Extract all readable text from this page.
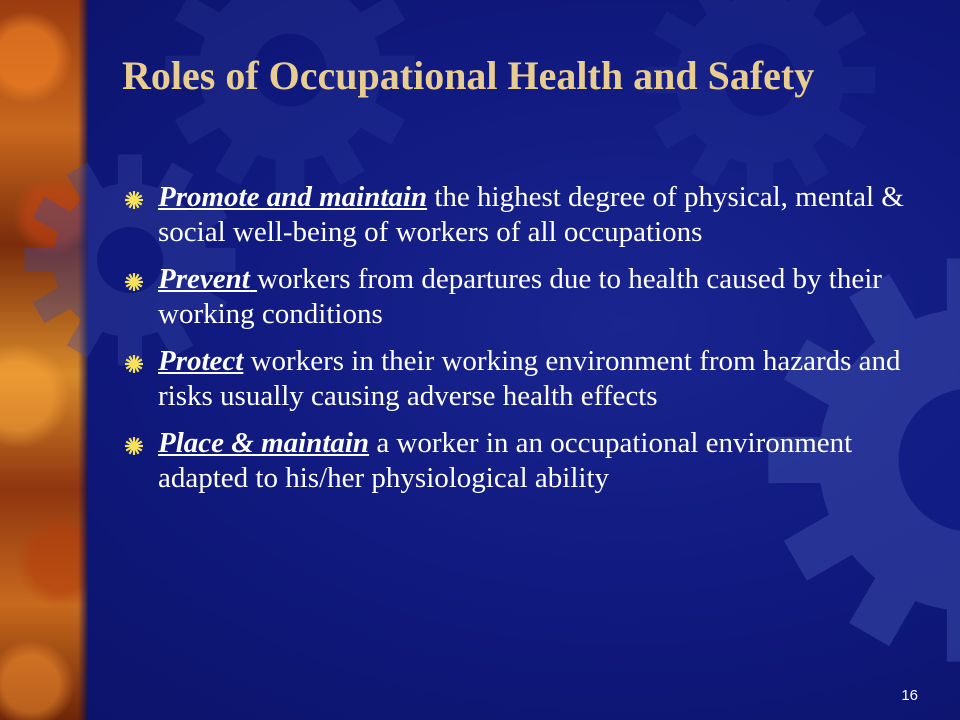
Roles of Occupational Health and Safety
Promote and maintain the highest degree of physical, mental & social well-being of workers of all occupations
Prevent workers from departures due to health caused by their working conditions
Protect workers in their working environment from hazards and risks usually causing adverse health effects
Place & maintain a worker in an occupational environment adapted to his/her physiological ability
16
